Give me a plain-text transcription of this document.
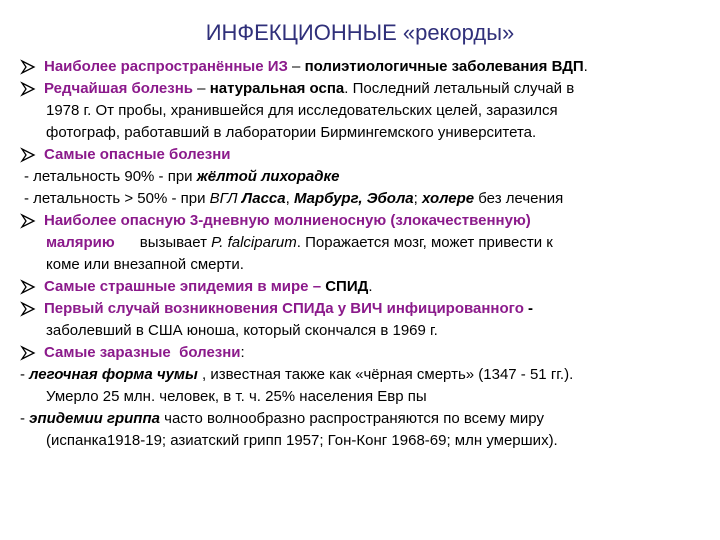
ИНФЕКЦИОННЫЕ «рекорды»
Наиболее распространённые ИЗ – полиэтиологичные заболевания ВДП.
Редчайшая болезнь – натуральная оспа. Последний летальный случай в
1978 г. От пробы, хранившейся для исследовательских целей, заразился
фотограф, работавший в лаборатории Бирмингемского университета.
Самые опасные болезни
- летальность 90% - при жёлтой лихорадке
- летальность > 50% - при ВГЛ Ласса, Марбург, Эбола; холере без лечения
Наиболее опасную 3-дневную молниеносную (злокачественную)
малярию      вызывает P. falciparum. Поражается мозг, может привести к
коме или внезапной смерти.
Самые страшные эпидемия в мире – СПИД.
Первый случай возникновения СПИДа у ВИЧ инфицированного -
заболевший в США юноша, который скончался в 1969 г.
Самые заразные  болезни:
- легочная форма чумы , известная также как «чёрная смерть» (1347 - 51 гг.).
Умерло 25 млн. человек, в т. ч. 25% населения Евр пы
- эпидемии гриппа часто волнообразно распространяются по всему миру
(испанка1918-19; азиатский грипп 1957; Гон-Конг 1968-69; млн умерших).
